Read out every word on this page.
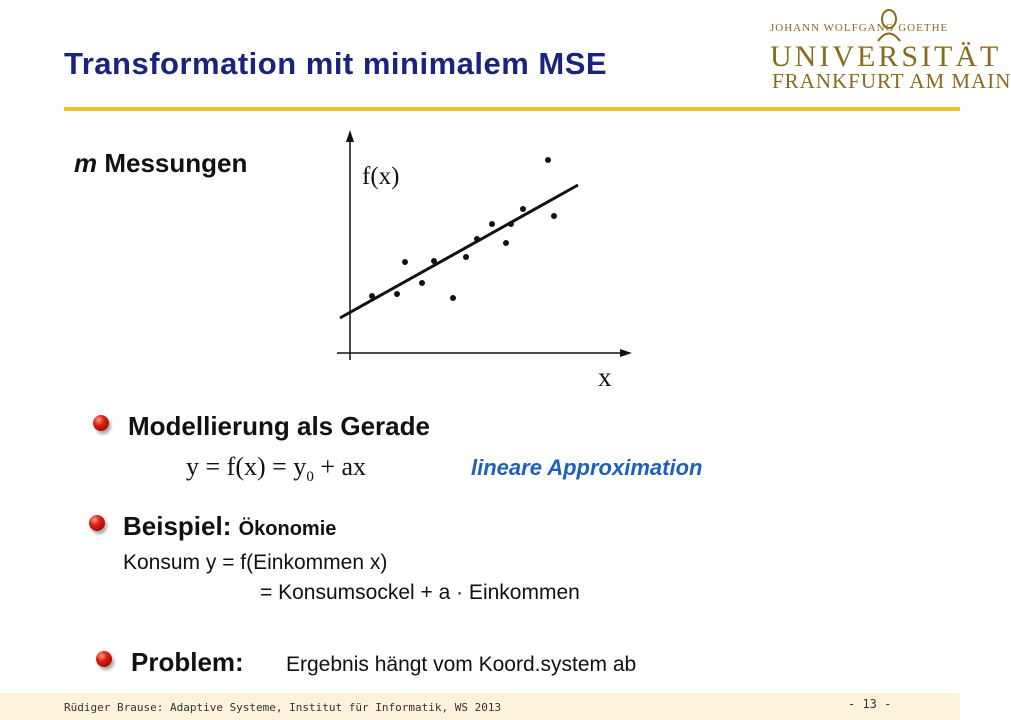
Transformation mit minimalem MSE
JOHANN WOLFGANG GOETHE
UNIVERSITÄT
FRANKFURT AM MAIN
m Messungen	f(x)
x
Modellierung als Gerade
$y = f(x) = y_0$ + ax	lineare Approximation
Beispiel: Ökonomie
Konsum y = f(Einkommen x)
= Konsumsockel + a · Einkommen
Problem: Ergebnis hängt vom Koord.system ab
Rüdiger Brause: Adaptive Systeme, Institut für Informatik, WS 2013	- 13 -
